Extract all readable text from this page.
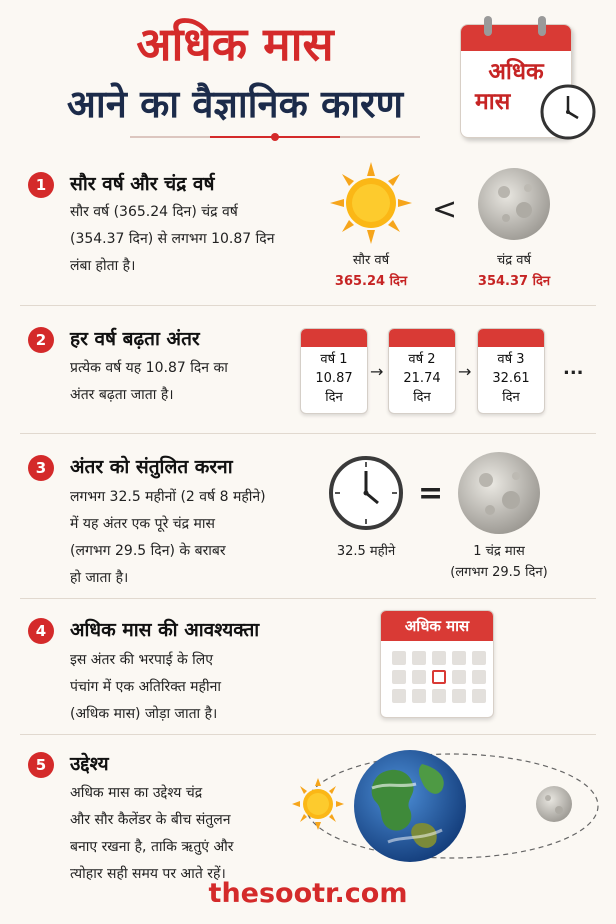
अधिक मास
आने का वैज्ञानिक कारण
अधिक
मास
1	सौर वर्ष और चंद्र वर्ष
सौर वर्ष (365.24 दिन) चंद्र वर्ष
(354.37 दिन) से लगभग 10.87 दिन
लंबा होता है।
<
सौर वर्ष
365.24 दिन
चंद्र वर्ष
354.37 दिन
2	हर वर्ष बढ़ता अंतर
प्रत्येक वर्ष यह 10.87 दिन का
अंतर बढ़ता जाता है।
वर्ष 1
10.87
दिन
→
वर्ष 2
21.74
दिन
→
वर्ष 3
32.61
दिन
...
3	अंतर को संतुलित करना
लगभग 32.5 महीनों (2 वर्ष 8 महीने)
में यह अंतर एक पूरे चंद्र मास
(लगभग 29.5 दिन) के बराबर
हो जाता है।
=
32.5 महीने	1 चंद्र मास
(लगभग 29.5 दिन)
4	अधिक मास की आवश्यक्ता
इस अंतर की भरपाई के लिए
पंचांग में एक अतिरिक्त महीना
(अधिक मास) जोड़ा जाता है।
अधिक मास
5	उद्देश्य
अधिक मास का उद्देश्य चंद्र
और सौर कैलेंडर के बीच संतुलन
बनाए रखना है, ताकि ऋतुएं और
त्योहार सही समय पर आते रहें।
thesootr.com
